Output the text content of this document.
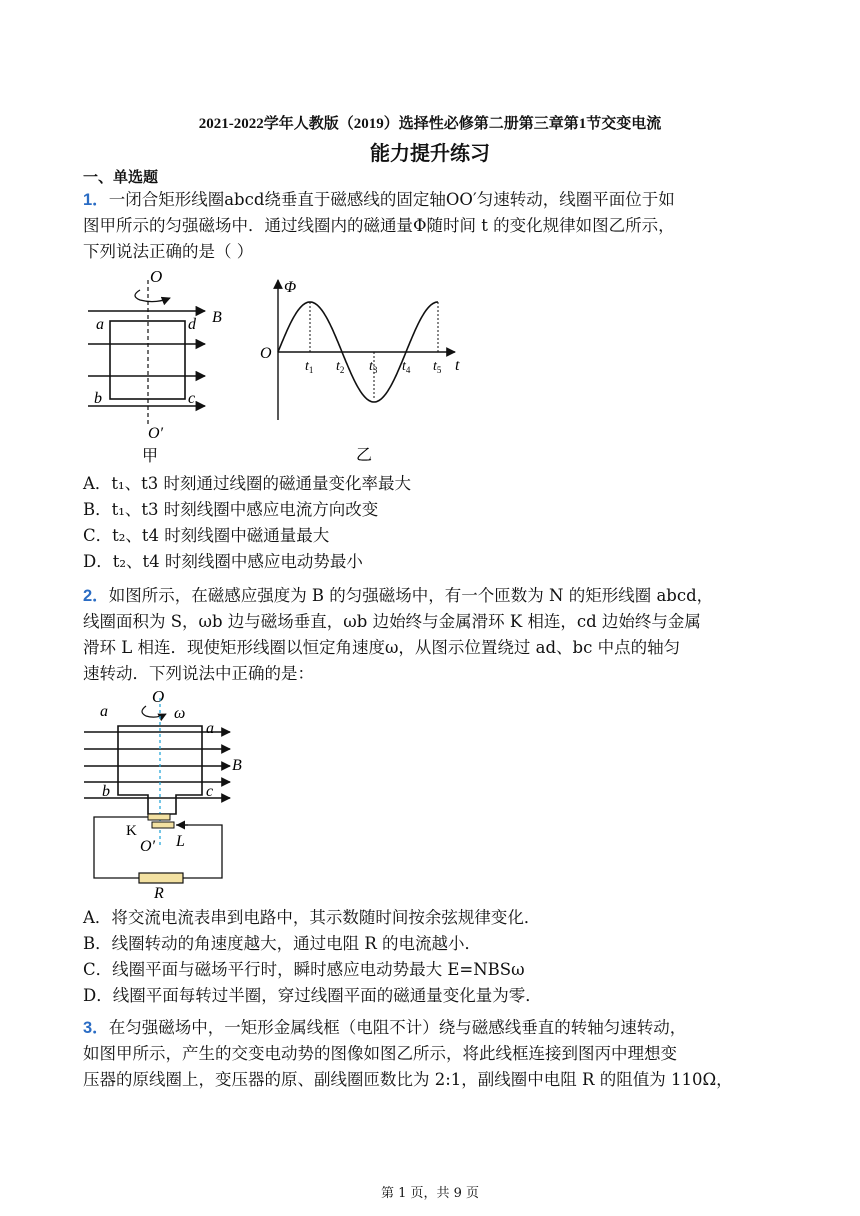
2021-2022学年人教版（2019）选择性必修第二册第三章第1节交变电流
能力提升练习
一、单选题
1．一闭合矩形线圈abcd绕垂直于磁感线的固定轴OO′匀速转动，线圈平面位于如
图甲所示的匀强磁场中．通过线圈内的磁通量Φ随时间 t 的变化规律如图乙所示，
下列说法正确的是（ ）
O
a	d B
b	c
O′
甲
Φ
t
O
$t_1$ $t_2$ $t_3$ $t_4$ $t_5$
乙
A．t₁、t3 时刻通过线圈的磁通量变化率最大
B．t₁、t3 时刻线圈中感应电流方向改变
C．t₂、t4 时刻线圈中磁通量最大
D．t₂、t4 时刻线圈中感应电动势最小
2．如图所示，在磁感应强度为 B 的匀强磁场中，有一个匝数为 N 的矩形线圈 abcd，
线圈面积为 S，ωb 边与磁场垂直，ωb 边始终与金属滑环 K 相连，cd 边始终与金属
滑环 L 相连．现使矩形线圈以恒定角速度ω，从图示位置绕过 ad、bc 中点的轴匀
速转动．下列说法中正确的是：
O
ω
a
a
B
b	c
K
L
O′
R
A．将交流电流表串到电路中，其示数随时间按余弦规律变化．
B．线圈转动的角速度越大，通过电阻 R 的电流越小．
C．线圈平面与磁场平行时，瞬时感应电动势最大 E=NBSω
D．线圈平面每转过半圈，穿过线圈平面的磁通量变化量为零．
3．在匀强磁场中，一矩形金属线框（电阻不计）绕与磁感线垂直的转轴匀速转动，
如图甲所示，产生的交变电动势的图像如图乙所示，将此线框连接到图丙中理想变
压器的原线圈上，变压器的原、副线圈匝数比为 2:1，副线圈中电阻 R 的阻值为 110Ω，
第 1 页，共 9 页
